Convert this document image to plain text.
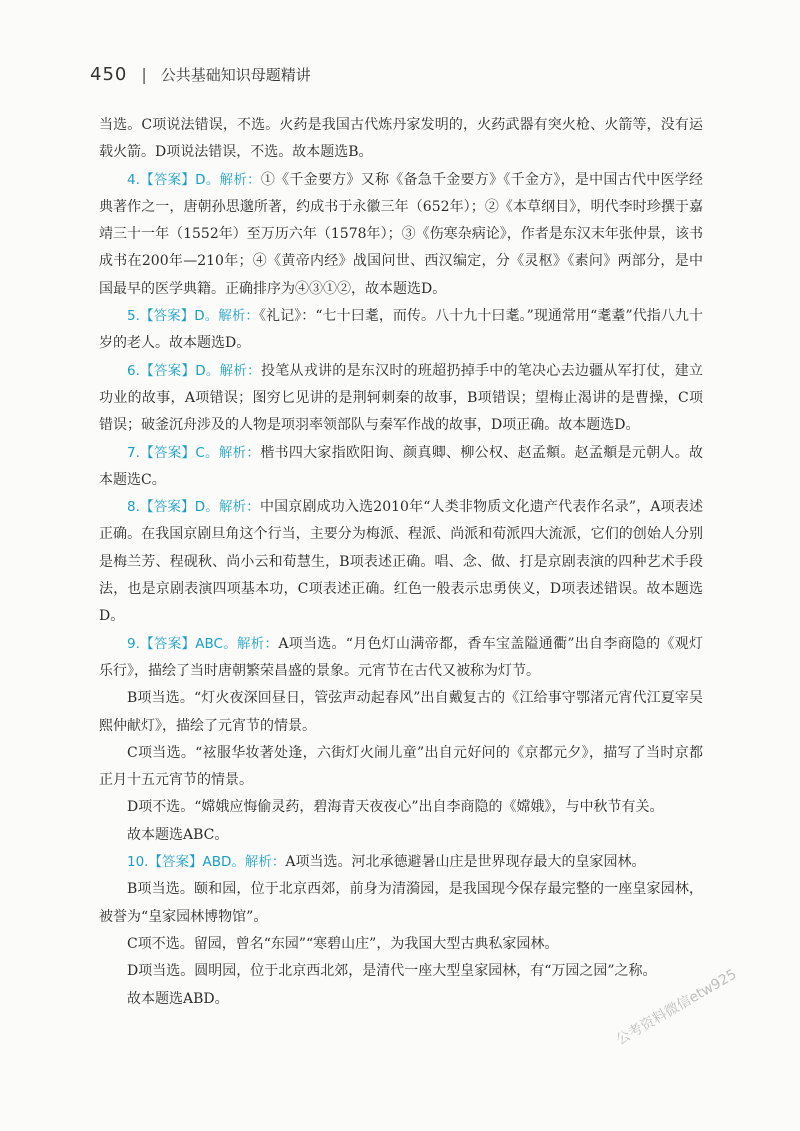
450 | 公共基础知识母题精讲

当选。C项说法错误，不选。火药是我国古代炼丹家发明的，火药武器有突火枪、火箭等，没有运载火箭。D项说法错误，不选。故本题选B。

4.【答案】D。解析：①《千金要方》又称《备急千金要方》《千金方》，是中国古代中医学经典著作之一，唐朝孙思邈所著，约成书于永徽三年（652年）；②《本草纲目》，明代李时珍撰于嘉靖三十一年（1552年）至万历六年（1578年）；③《伤寒杂病论》，作者是东汉末年张仲景，该书成书在200年—210年；④《黄帝内经》战国问世、西汉编定，分《灵枢》《素问》两部分，是中国最早的医学典籍。正确排序为④③①②，故本题选D。

5.【答案】D。解析：《礼记》：“七十曰耄，而传。八十九十曰耄。”现通常用“耄耋”代指八九十岁的老人。故本题选D。

6.【答案】D。解析：投笔从戎讲的是东汉时的班超扔掉手中的笔决心去边疆从军打仗，建立功业的故事，A项错误；图穷匕见讲的是荆轲刺秦的故事，B项错误；望梅止渴讲的是曹操，C项错误；破釜沉舟涉及的人物是项羽率领部队与秦军作战的故事，D项正确。故本题选D。

7.【答案】C。解析：楷书四大家指欧阳询、颜真卿、柳公权、赵孟頫。赵孟頫是元朝人。故本题选C。

8.【答案】D。解析：中国京剧成功入选2010年“人类非物质文化遗产代表作名录”，A项表述正确。在我国京剧旦角这个行当，主要分为梅派、程派、尚派和荀派四大流派，它们的创始人分别是梅兰芳、程砚秋、尚小云和荀慧生，B项表述正确。唱、念、做、打是京剧表演的四种艺术手段法，也是京剧表演四项基本功，C项表述正确。红色一般表示忠勇侠义，D项表述错误。故本题选D。

9.【答案】ABC。解析：A项当选。“月色灯山满帝都，香车宝盖隘通衢”出自李商隐的《观灯乐行》，描绘了当时唐朝繁荣昌盛的景象。元宵节在古代又被称为灯节。

B项当选。“灯火夜深回昼日，管弦声动起春风”出自戴复古的《江给事守鄂渚元宵代江夏宰吴熙仲献灯》，描绘了元宵节的情景。

C项当选。“袨服华妆著处逢，六街灯火闹儿童”出自元好问的《京都元夕》，描写了当时京都正月十五元宵节的情景。

D项不选。“嫦娥应悔偷灵药，碧海青天夜夜心”出自李商隐的《嫦娥》，与中秋节有关。

故本题选ABC。

10.【答案】ABD。解析：A项当选。河北承德避暑山庄是世界现存最大的皇家园林。

B项当选。颐和园，位于北京西郊，前身为清漪园，是我国现今保存最完整的一座皇家园林，被誉为“皇家园林博物馆”。

C项不选。留园，曾名“东园”“寒碧山庄”，为我国大型古典私家园林。

D项当选。圆明园，位于北京西北郊，是清代一座大型皇家园林，有“万园之园”之称。

故本题选ABD。	公考资料微信etw925
